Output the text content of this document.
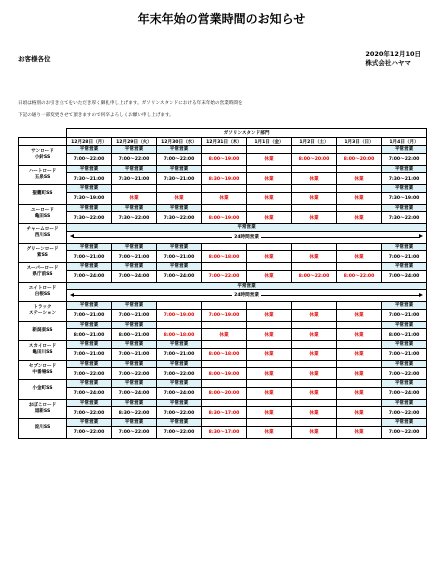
年末年始の営業時間のお知らせ
お客様各位
2020年12月10日
株式会社ハヤマ
日頃は格別のお引き立てをいただき厚く御礼申し上げます。ガソリンスタンドにおける年末年始の営業時間を
下記の通り一部変更させて頂きますので何卒よろしくお願い申し上げます。
	ガソリンスタンド部門							
	12月28日（月）	12月29日（火）	12月30日（水）	12月31日（木）	1月1日（金）	1月2日（土）	1月3日（日）	1月4日（月）

サンロード
小針SS	平常営業	平常営業	平常営業					平常営業
	7:00〜22:00	7:00〜22:00	7:00〜22:00	8:00〜19:00	休業	8:00〜20:00	8:00〜20:00	7:00〜22:00

ハートロード
五泉SS	平常営業	平常営業	平常営業					平常営業
	7:30〜21:00	7:30〜21:00	7:30〜21:00	8:30〜19:00	休業	休業	休業	7:30〜21:00

聖籠町SS	平常営業							平常営業
	7:30〜19:00	休業	休業	休業	休業	休業	休業	7:30〜19:00

ユーロード
亀田SS	平常営業	平常営業	平常営業					平常営業
	7:30〜22:00	7:30〜22:00	7:30〜22:00	8:00〜19:00	休業	休業	休業	7:30〜22:00

チャームロード
西川SS	平常営業							

	24時間営業							

グリーンロード
紫SS	平常営業	平常営業	平常営業					平常営業
	7:00〜21:00	7:00〜21:00	7:00〜21:00	8:00〜18:00	休業	休業	休業	7:00〜21:00

スーパーロード
県庁前SS	平常営業	平常営業	平常営業					平常営業
	7:00〜24:00	7:00〜24:00	7:00〜24:00	7:00〜22:00	休業	8:00〜22:00	8:00〜22:00	7:00〜24:00

エイトロード
白根SS	平常営業							

	24時間営業							

トラック
ステーション	平常営業	平常営業						平常営業
	7:00〜21:00	7:00〜21:00	7:00〜19:00	7:00〜19:00	休業	休業	休業	7:00〜21:00

新潟東SS	平常営業	平常営業						平常営業
	8:00〜21:00	8:00〜21:00	8:00〜18:00	休業	休業	休業	休業	8:00〜21:00

スカイロード
亀田川SS	平常営業	平常営業	平常営業					平常営業
	7:00〜21:00	7:00〜21:00	7:00〜21:00	8:00〜18:00	休業	休業	休業	7:00〜21:00

セブンロード
中番場SS	平常営業	平常営業	平常営業					平常営業
	7:00〜22:00	7:00〜22:00	7:00〜22:00	8:00〜19:00	休業	休業	休業	7:00〜22:00

小金町SS	平常営業	平常営業	平常営業					平常営業
	7:00〜24:00	7:00〜24:00	7:00〜24:00	8:00〜20:00	休業	休業	休業	7:00〜24:00

おぼこロード
道新SS	平常営業	平常営業	平常営業					平常営業
	7:00〜22:00	8:30〜22:00	7:00〜22:00	8:30〜17:00	休業	休業	休業	7:00〜22:00

淀川SS	平常営業	平常営業	平常営業					平常営業
	7:00〜22:00	7:00〜22:00	7:00〜22:00	8:30〜17:00	休業	休業	休業	7:00〜22:00
